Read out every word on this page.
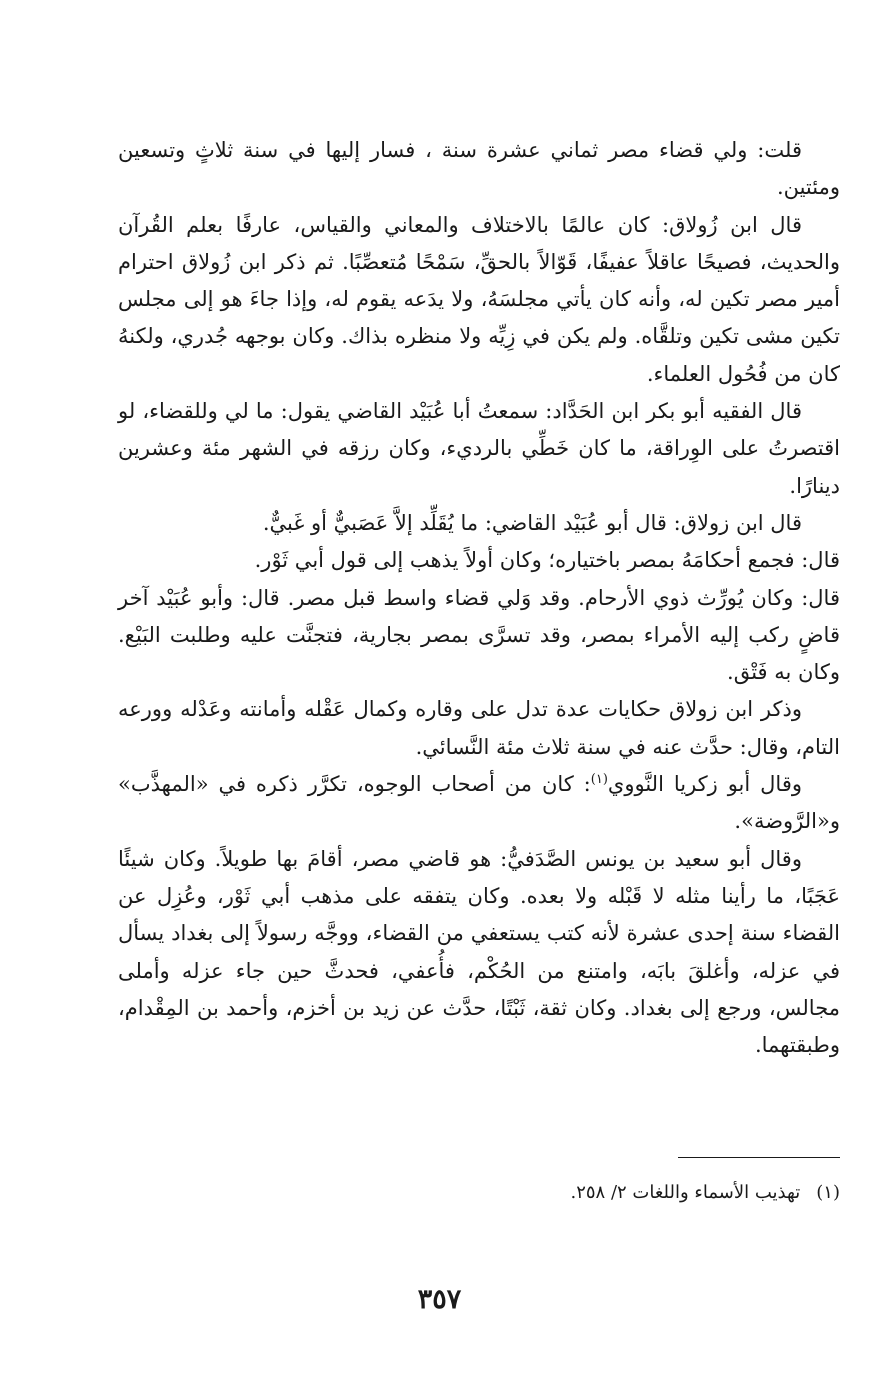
قلت: ولي قضاء مصر ثماني عشرة سنة ، فسار إليها في سنة ثلاثٍ وتسعين ومئتين.

قال ابن زُولاق: كان عالمًا بالاختلاف والمعاني والقياس، عارفًا بعلم القُرآن والحديث، فصيحًا عاقلاً عفيفًا، قَوّالاً بالحقِّ، سَمْحًا مُتعصِّبًا. ثم ذكر ابن زُولاق احترام أمير مصر تكين له، وأنه كان يأتي مجلسَهُ، ولا يدَعه يقوم له، وإذا جاءَ هو إلى مجلس تكين مشى تكين وتلقَّاه. ولم يكن في زِيِّه ولا منظره بذاك. وكان بوجهه جُدري، ولكنهُ كان من فُحُول العلماء.

قال الفقيه أبو بكر ابن الحَدَّاد: سمعتُ أبا عُبَيْد القاضي يقول: ما لي وللقضاء، لو اقتصرتُ على الوِراقة، ما كان خَطِّي بالرديء، وكان رزقه في الشهر مئة وعشرين دينارًا.

قال ابن زولاق: قال أبو عُبَيْد القاضي: ما يُقَلِّد إلاَّ عَصَبيٌّ أو غَبيٌّ.

قال: فجمع أحكامَهُ بمصر باختياره؛ وكان أولاً يذهب إلى قول أبي ثَوْر.

قال: وكان يُورِّث ذوي الأرحام. وقد وَلي قضاء واسط قبل مصر. قال: وأبو عُبَيْد آخر قاضٍ ركب إليه الأمراء بمصر، وقد تسرَّى بمصر بجارية، فتجنَّت عليه وطلبت البَيْع. وكان به فَتْق.

وذكر ابن زولاق حكايات عدة تدل على وقاره وكمال عَقْله وأمانته وعَدْله وورعه التام، وقال: حدَّث عنه في سنة ثلاث مئة النَّسائي.

وقال أبو زكريا النَّووي$^{(١)}$: كان من أصحاب الوجوه، تكرَّر ذكره في «المهذَّب» و«الرَّوضة».

وقال أبو سعيد بن يونس الصَّدَفيُّ: هو قاضي مصر، أقامَ بها طويلاً. وكان شيئًا عَجَبًا، ما رأينا مثله لا قَبْله ولا بعده. وكان يتفقه على مذهب أبي ثَوْر، وعُزِل عن القضاء سنة إحدى عشرة لأنه كتب يستعفي من القضاء، ووجَّه رسولاً إلى بغداد يسأل في عزله، وأغلقَ بابَه، وامتنع من الحُكْم، فأُعفي، فحدثَّ حين جاء عزله وأملى مجالس، ورجع إلى بغداد. وكان ثقة، ثَبْتًا، حدَّث عن زيد بن أخزم، وأحمد بن المِقْدام، وطبقتهما.

(١)تهذيب الأسماء واللغات ٢/ ٢٥٨.
٣٥٧
